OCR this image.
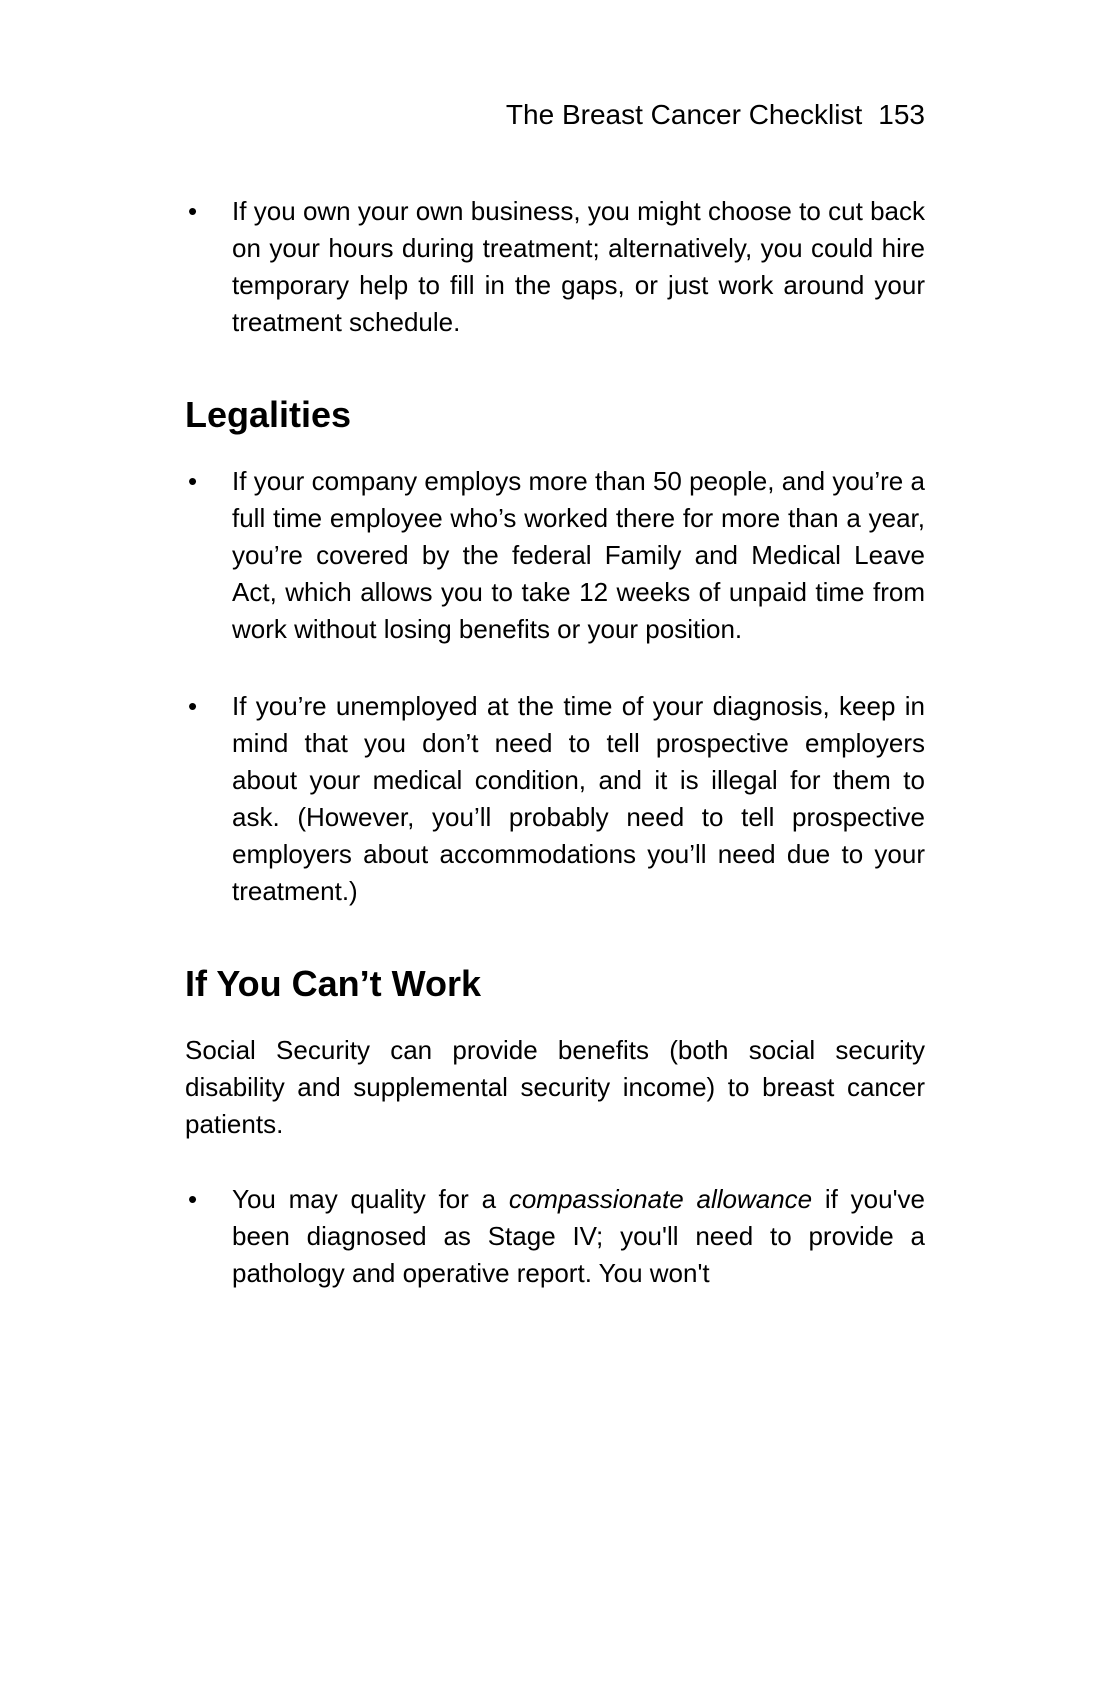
The Breast Cancer Checklist 153
• If you own your own business, you might choose to cut back on your hours during treatment; alternatively, you could hire temporary help to fill in the gaps, or just work around your treatment schedule.
Legalities
• If your company employs more than 50 people, and you’re a full time employee who’s worked there for more than a year, you’re covered by the federal Family and Medical Leave Act, which allows you to take 12 weeks of unpaid time from work without losing benefits or your position.
• If you’re unemployed at the time of your diagnosis, keep in mind that you don’t need to tell prospective employers about your medical condition, and it is illegal for them to ask. (However, you’ll probably need to tell prospective employers about accommodations you’ll need due to your treatment.)
If You Can’t Work

Social Security can provide benefits (both social security disability and supplemental security income) to breast cancer patients.

• You may quality for a compassionate allowance if you've been diagnosed as Stage IV; you'll need to provide a pathology and operative report. You won't
